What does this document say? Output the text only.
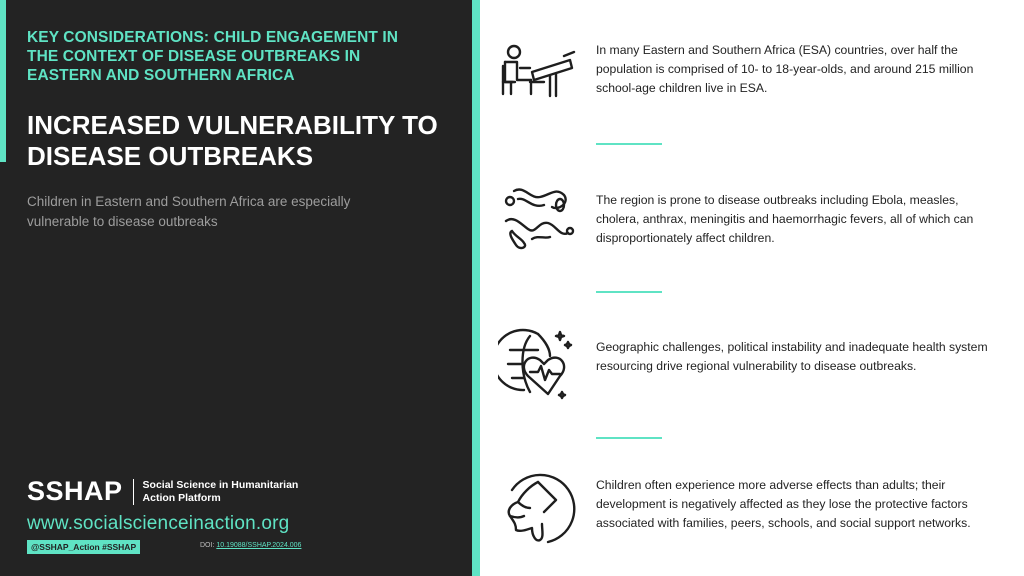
KEY CONSIDERATIONS: CHILD ENGAGEMENT IN THE CONTEXT OF DISEASE OUTBREAKS IN EASTERN AND SOUTHERN AFRICA
INCREASED VULNERABILITY TO DISEASE OUTBREAKS
Children in Eastern and Southern Africa are especially vulnerable to disease outbreaks
SSHAP Social Science in Humanitarian Action Platform
www.socialscienceinaction.org
@SSHAP_Action #SSHAP	DOI: 10.19088/SSHAP.2024.006
In many Eastern and Southern Africa (ESA) countries, over half the population is comprised of 10- to 18-year-olds, and around 215 million school-age children live in ESA.
The region is prone to disease outbreaks including Ebola, measles, cholera, anthrax, meningitis and haemorrhagic fevers, all of which can disproportionately affect children.
Geographic challenges, political instability and inadequate health system resourcing drive regional vulnerability to disease outbreaks.
Children often experience more adverse effects than adults; their development is negatively affected as they lose the protective factors associated with families, peers, schools, and social support networks.
